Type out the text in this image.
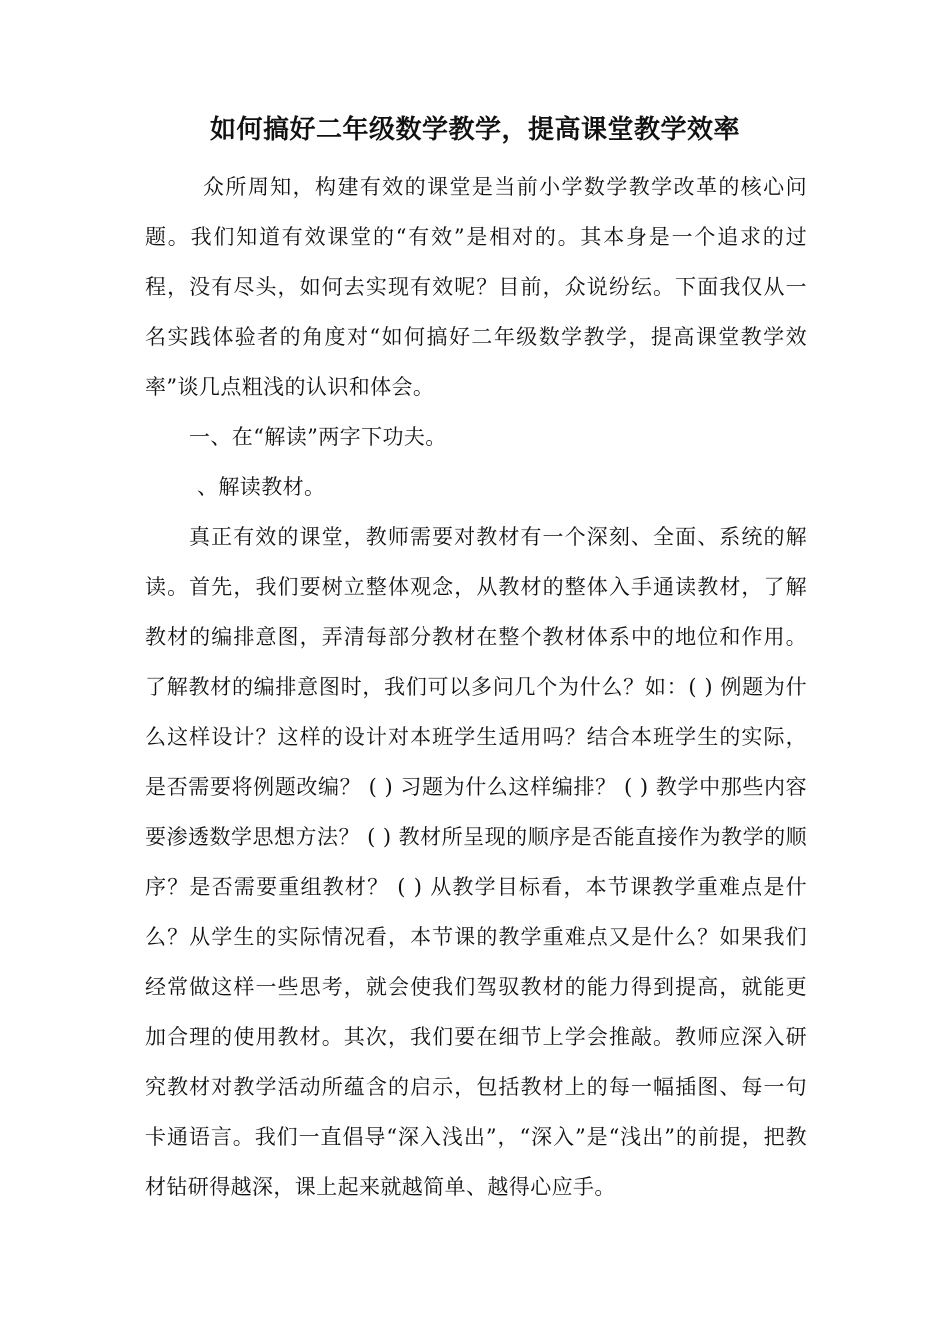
如何搞好二年级数学教学，提高课堂教学效率

众所周知，构建有效的课堂是当前小学数学教学改革的核心问题。我们知道有效课堂的“有效”是相对的。其本身是一个追求的过程，没有尽头，如何去实现有效呢？目前，众说纷纭。下面我仅从一名实践体验者的角度对“如何搞好二年级数学教学，提高课堂教学效率”谈几点粗浅的认识和体会。

一、在“解读”两字下功夫。

、解读教材。

真正有效的课堂，教师需要对教材有一个深刻、全面、系统的解读。首先，我们要树立整体观念，从教材的整体入手通读教材，了解教材的编排意图，弄清每部分教材在整个教材体系中的地位和作用。了解教材的编排意图时，我们可以多问几个为什么？如：( ) 例题为什么这样设计？这样的设计对本班学生适用吗？结合本班学生的实际，是否需要将例题改编？ ( ) 习题为什么这样编排？ ( ) 教学中那些内容要渗透数学思想方法？ ( ) 教材所呈现的顺序是否能直接作为教学的顺序？是否需要重组教材？ ( ) 从教学目标看，本节课教学重难点是什么？从学生的实际情况看，本节课的教学重难点又是什么？如果我们经常做这样一些思考，就会使我们驾驭教材的能力得到提高，就能更加合理的使用教材。其次，我们要在细节上学会推敲。教师应深入研究教材对教学活动所蕴含的启示，包括教材上的每一幅插图、每一句卡通语言。我们一直倡导“深入浅出”，“深入”是“浅出”的前提，把教材钻研得越深，课上起来就越简单、越得心应手。
